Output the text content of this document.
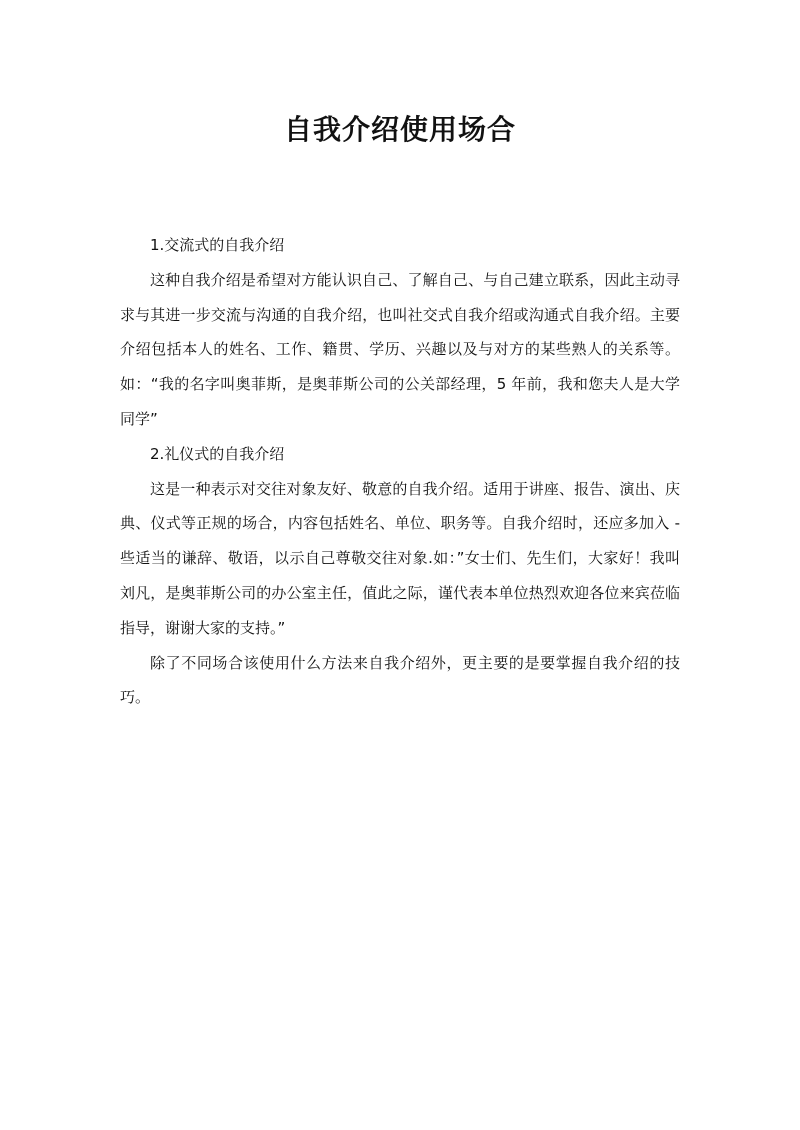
自我介绍使用场合

1.交流式的自我介绍

这种自我介绍是希望对方能认识自己、了解自己、与自己建立联系，因此主动寻求与其进一步交流与沟通的自我介绍，也叫社交式自我介绍或沟通式自我介绍。主要介绍包括本人的姓名、工作、籍贯、学历、兴趣以及与对方的某些熟人的关系等。如：“我的名字叫奥菲斯，是奥菲斯公司的公关部经理，5 年前，我和您夫人是大学同学”

2.礼仪式的自我介绍

这是一种表示对交往对象友好、敬意的自我介绍。适用于讲座、报告、演出、庆典、仪式等正规的场合，内容包括姓名、单位、职务等。自我介绍时，还应多加入 - 些适当的谦辞、敬语，以示自己尊敬交往对象.如：”女士们、先生们，大家好！我叫刘凡，是奥菲斯公司的办公室主任，值此之际，谨代表本单位热烈欢迎各位来宾莅临指导，谢谢大家的支持。”

除了不同场合该使用什么方法来自我介绍外，更主要的是要掌握自我介绍的技巧。
